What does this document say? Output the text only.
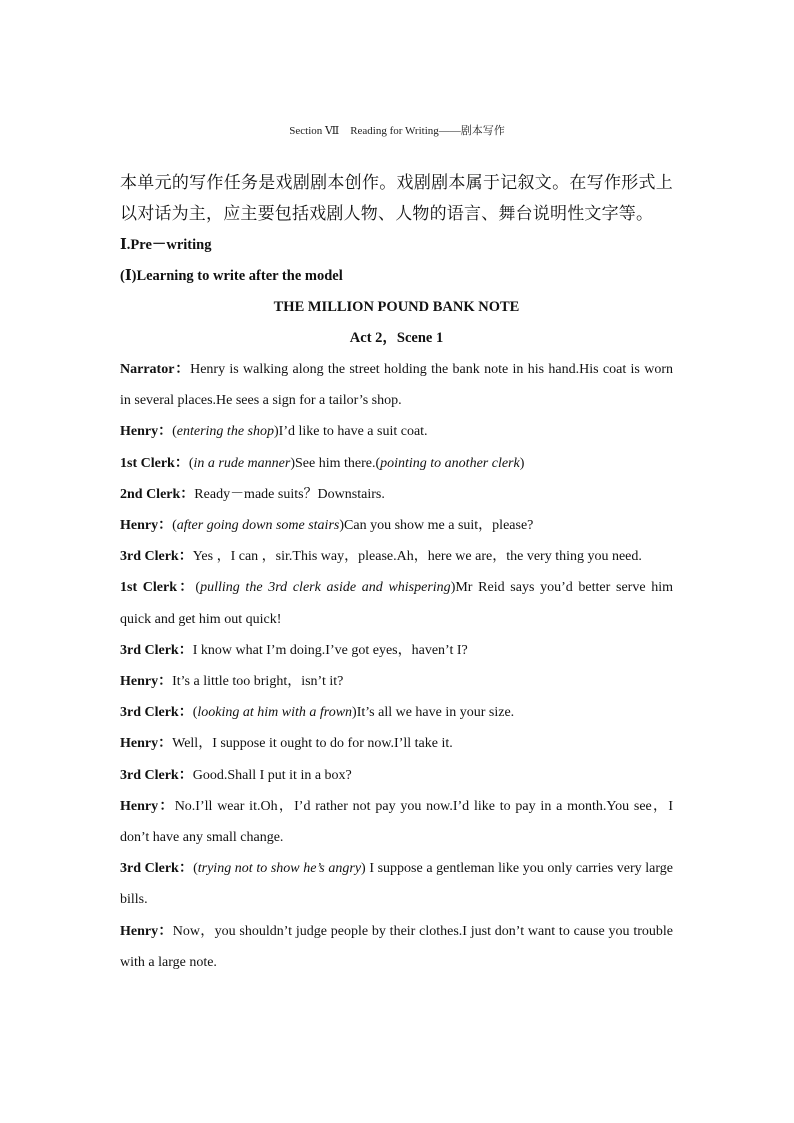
Section Ⅶ　Reading for Writing——剧本写作

本单元的写作任务是戏剧剧本创作。戏剧剧本属于记叙文。在写作形式上以对话为主，应主要包括戏剧人物、人物的语言、舞台说明性文字等。

Ⅰ.Pre－writing

(Ⅰ)Learning to write after the model

THE MILLION POUND BANK NOTE

Act 2，Scene 1

Narrator：Henry is walking along the street holding the bank note in his hand.His coat is worn in several places.He sees a sign for a tailor’s shop.

Henry：(entering the shop)I’d like to have a suit coat.

1st Clerk：(in a rude manner)See him there.(pointing to another clerk)

2nd Clerk：Ready－made suits？Downstairs.

Henry：(after going down some stairs)Can you show me a suit，please?

3rd Clerk：Yes ，I can ，sir.This way，please.Ah，here we are，the very thing you need.

1st Clerk：(pulling the 3rd clerk aside and whispering)Mr Reid says you’d better serve him quick and get him out quick!

3rd Clerk：I know what I’m doing.I’ve got eyes，haven’t I?

Henry：It’s a little too bright，isn’t it?

3rd Clerk：(looking at him with a frown)It’s all we have in your size.

Henry：Well，I suppose it ought to do for now.I’ll take it.

3rd Clerk：Good.Shall I put it in a box?

Henry：No.I’ll wear it.Oh，I’d rather not pay you now.I’d like to pay in a month.You see，I don’t have any small change.

3rd Clerk：(trying not to show he’s angry) I suppose a gentleman like you only carries very large bills.

Henry：Now，you shouldn’t judge people by their clothes.I just don’t want to cause you trouble with a large note.
